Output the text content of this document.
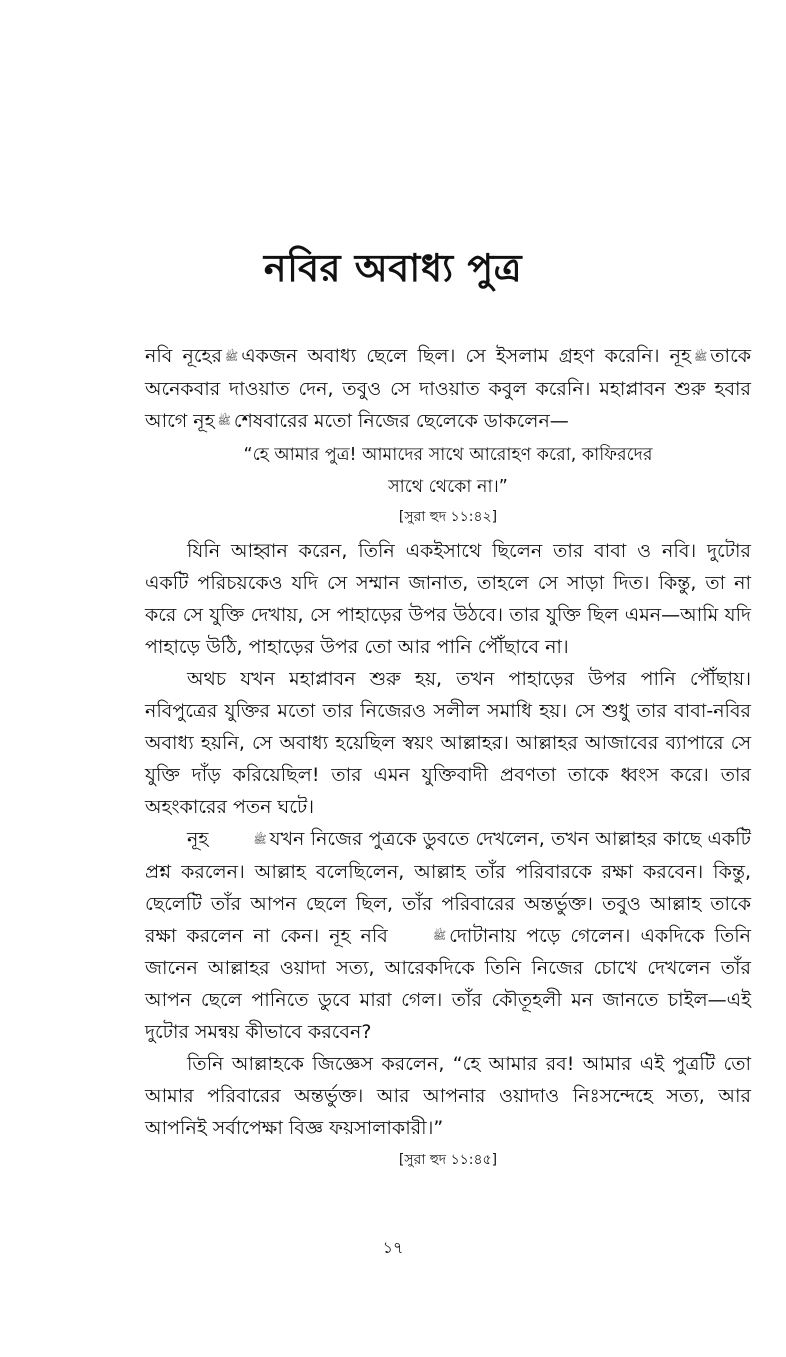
নবির অবাধ্য পুত্র

নবি নূহের ﷺ একজন অবাধ্য ছেলে ছিল। সে ইসলাম গ্রহণ করেনি। নূহ ﷺ তাকে অনেকবার দাওয়াত দেন, তবুও সে দাওয়াত কবুল করেনি। মহাপ্লাবন শুরু হবার আগে নূহ ﷺ শেষবারের মতো নিজের ছেলেকে ডাকলেন—

“হে আমার পুত্র! আমাদের সাথে আরোহণ করো, কাফিরদের
সাথে থেকো না।”
[সুরা হুদ ১১:৪২]

যিনি আহ্বান করেন, তিনি একইসাথে ছিলেন তার বাবা ও নবি। দুটোর একটি পরিচয়কেও যদি সে সম্মান জানাত, তাহলে সে সাড়া দিত। কিন্তু, তা না করে সে যুক্তি দেখায়, সে পাহাড়ের উপর উঠবে। তার যুক্তি ছিল এমন—আমি যদি পাহাড়ে উঠি, পাহাড়ের উপর তো আর পানি পৌঁছাবে না।

অথচ যখন মহাপ্লাবন শুরু হয়, তখন পাহাড়ের উপর পানি পৌঁছায়। নবিপুত্রের যুক্তির মতো তার নিজেরও সলীল সমাধি হয়। সে শুধু তার বাবা-নবির অবাধ্য হয়নি, সে অবাধ্য হয়েছিল স্বয়ং আল্লাহর। আল্লাহর আজাবের ব্যাপারে সে যুক্তি দাঁড় করিয়েছিল! তার এমন যুক্তিবাদী প্রবণতা তাকে ধ্বংস করে। তার অহংকারের পতন ঘটে।

নূহ	ﷺ যখন নিজের পুত্রকে ডুবতে দেখলেন, তখন আল্লাহর কাছে একটি প্রশ্ন করলেন। আল্লাহ বলেছিলেন, আল্লাহ তাঁর পরিবারকে রক্ষা করবেন। কিন্তু, ছেলেটি তাঁর আপন ছেলে ছিল, তাঁর পরিবারের অন্তর্ভুক্ত। তবুও আল্লাহ তাকে রক্ষা করলেন না কেন। নূহ নবি	ﷺ দোটানায় পড়ে গেলেন। একদিকে তিনি জানেন আল্লাহর ওয়াদা সত্য, আরেকদিকে তিনি নিজের চোখে দেখলেন তাঁর আপন ছেলে পানিতে ডুবে মারা গেল। তাঁর কৌতূহলী মন জানতে চাইল—এই দুটোর সমন্বয় কীভাবে করবেন?

তিনি আল্লাহকে জিজ্ঞেস করলেন, “হে আমার রব! আমার এই পুত্রটি তো আমার পরিবারের অন্তর্ভুক্ত। আর আপনার ওয়াদাও নিঃসন্দেহে সত্য, আর আপনিই সর্বাপেক্ষা বিজ্ঞ ফয়সালাকারী।”

[সুরা হুদ ১১:৪৫]
১৭
